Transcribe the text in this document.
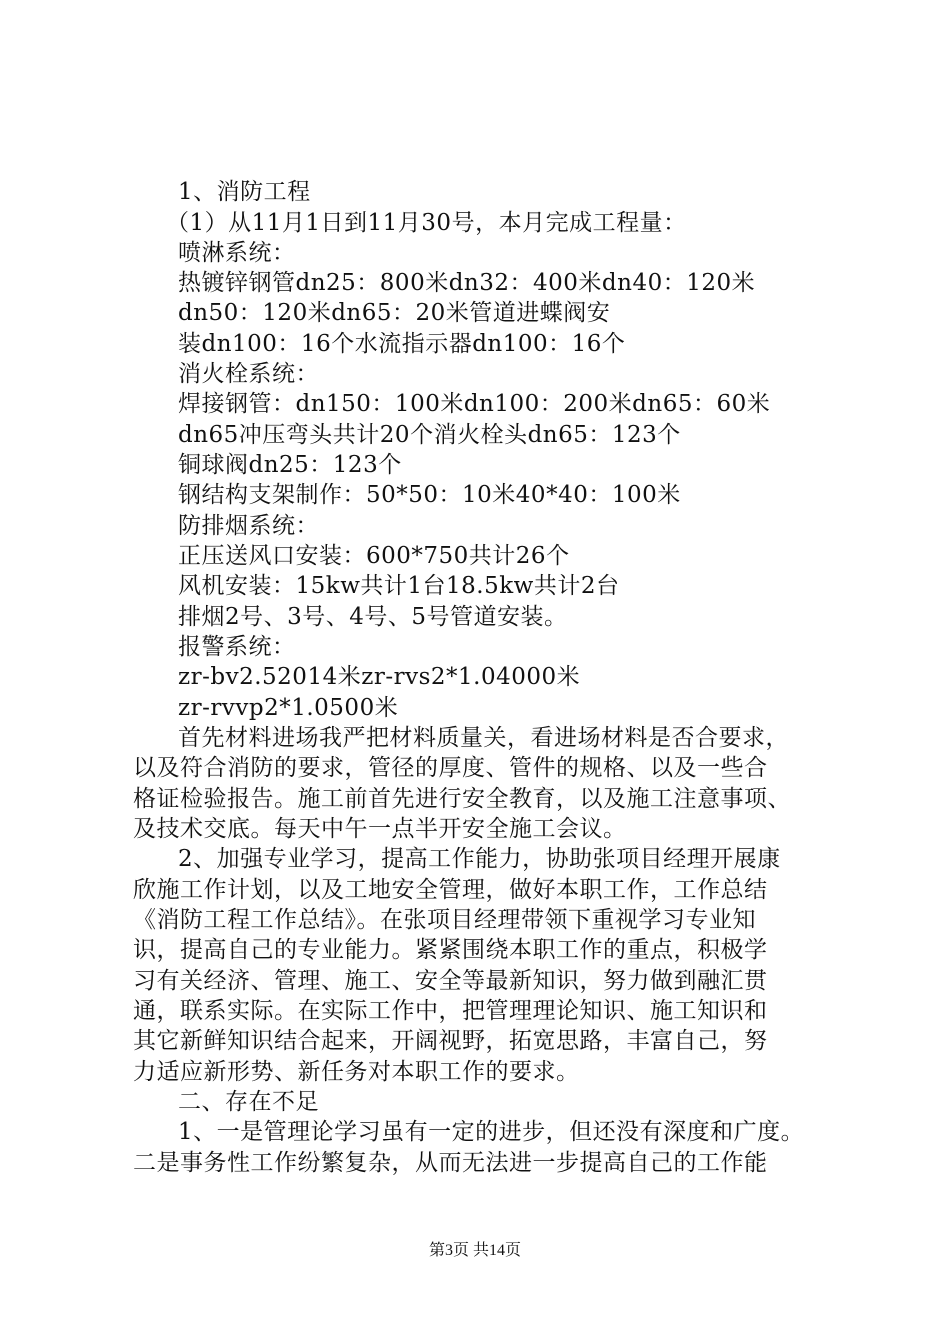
1、消防工程
（1）从11月1日到11月30号，本月完成工程量：
喷淋系统：
热镀锌钢管dn25：800米dn32：400米dn40：120米
dn50：120米dn65：20米管道进蝶阀安
装dn100：16个水流指示器dn100：16个
消火栓系统：
焊接钢管：dn150：100米dn100：200米dn65：60米
dn65冲压弯头共计20个消火栓头dn65：123个
铜球阀dn25：123个
钢结构支架制作：50*50：10米40*40：100米
防排烟系统：
正压送风口安装：600*750共计26个
风机安装：15kw共计1台18.5kw共计2台
排烟2号、3号、4号、5号管道安装。
报警系统：
zr-bv2.52014米zr-rvs2*1.04000米
zr-rvvp2*1.0500米
首先材料进场我严把材料质量关，看进场材料是否合要求，
以及符合消防的要求，管径的厚度、管件的规格、以及一些合
格证检验报告。施工前首先进行安全教育，以及施工注意事项、
及技术交底。每天中午一点半开安全施工会议。
2、加强专业学习，提高工作能力，协助张项目经理开展康
欣施工作计划，以及工地安全管理，做好本职工作，工作总结
《消防工程工作总结》。在张项目经理带领下重视学习专业知
识，提高自己的专业能力。紧紧围绕本职工作的重点，积极学
习有关经济、管理、施工、安全等最新知识，努力做到融汇贯
通，联系实际。在实际工作中，把管理理论知识、施工知识和
其它新鲜知识结合起来，开阔视野，拓宽思路，丰富自己，努
力适应新形势、新任务对本职工作的要求。
二、存在不足
1、一是管理论学习虽有一定的进步，但还没有深度和广度。
二是事务性工作纷繁复杂，从而无法进一步提高自己的工作能
第3页 共14页
